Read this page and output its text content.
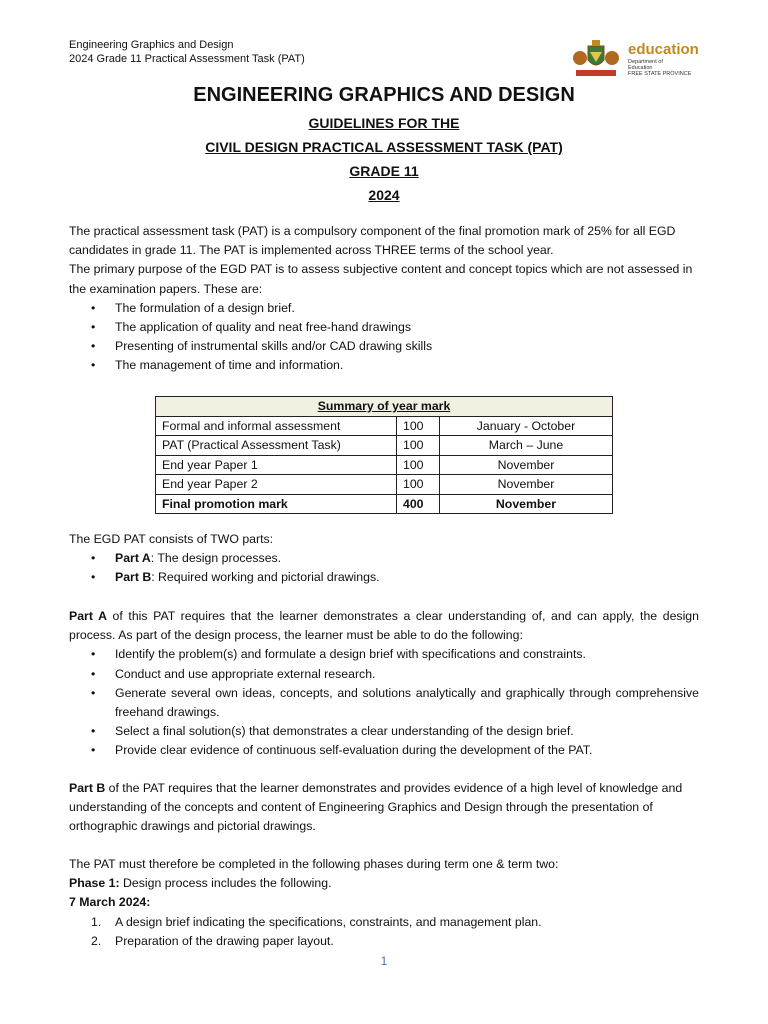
Engineering Graphics and Design
2024 Grade 11 Practical Assessment Task (PAT)
education
Department of
Education
FREE STATE PROVINCE
ENGINEERING GRAPHICS AND DESIGN
GUIDELINES FOR THE
CIVIL DESIGN PRACTICAL ASSESSMENT TASK (PAT)
GRADE 11
2024

The practical assessment task (PAT) is a compulsory component of the final promotion mark of 25% for all EGD candidates in grade 11. The PAT is implemented across THREE terms of the school year.

The primary purpose of the EGD PAT is to assess subjective content and concept topics which are not assessed in the examination papers. These are:

• The formulation of a design brief.
• The application of quality and neat free-hand drawings
• Presenting of instrumental skills and/or CAD drawing skills
• The management of time and information.
Summary of year mark		
Formal and informal assessment	100	January - October
PAT (Practical Assessment Task)	100	March – June
End year Paper 1	100	November
End year Paper 2	100	November
Final promotion mark	400	November

The EGD PAT consists of TWO parts:

• Part A: The design processes.
• Part B: Required working and pictorial drawings.

Part A of this PAT requires that the learner demonstrates a clear understanding of, and can apply, the design process. As part of the design process, the learner must be able to do the following:

• Identify the problem(s) and formulate a design brief with specifications and constraints.
• Conduct and use appropriate external research.
• Generate several own ideas, concepts, and solutions analytically and graphically through comprehensive freehand drawings.
• Select a final solution(s) that demonstrates a clear understanding of the design brief.
• Provide clear evidence of continuous self-evaluation during the development of the PAT.

Part B of the PAT requires that the learner demonstrates and provides evidence of a high level of knowledge and understanding of the concepts and content of Engineering Graphics and Design through the presentation of orthographic drawings and pictorial drawings.

The PAT must therefore be completed in the following phases during term one & term two:

Phase 1: Design process includes the following.

7 March 2024:

1. A design brief indicating the specifications, constraints, and management plan.
2. Preparation of the drawing paper layout.
1
